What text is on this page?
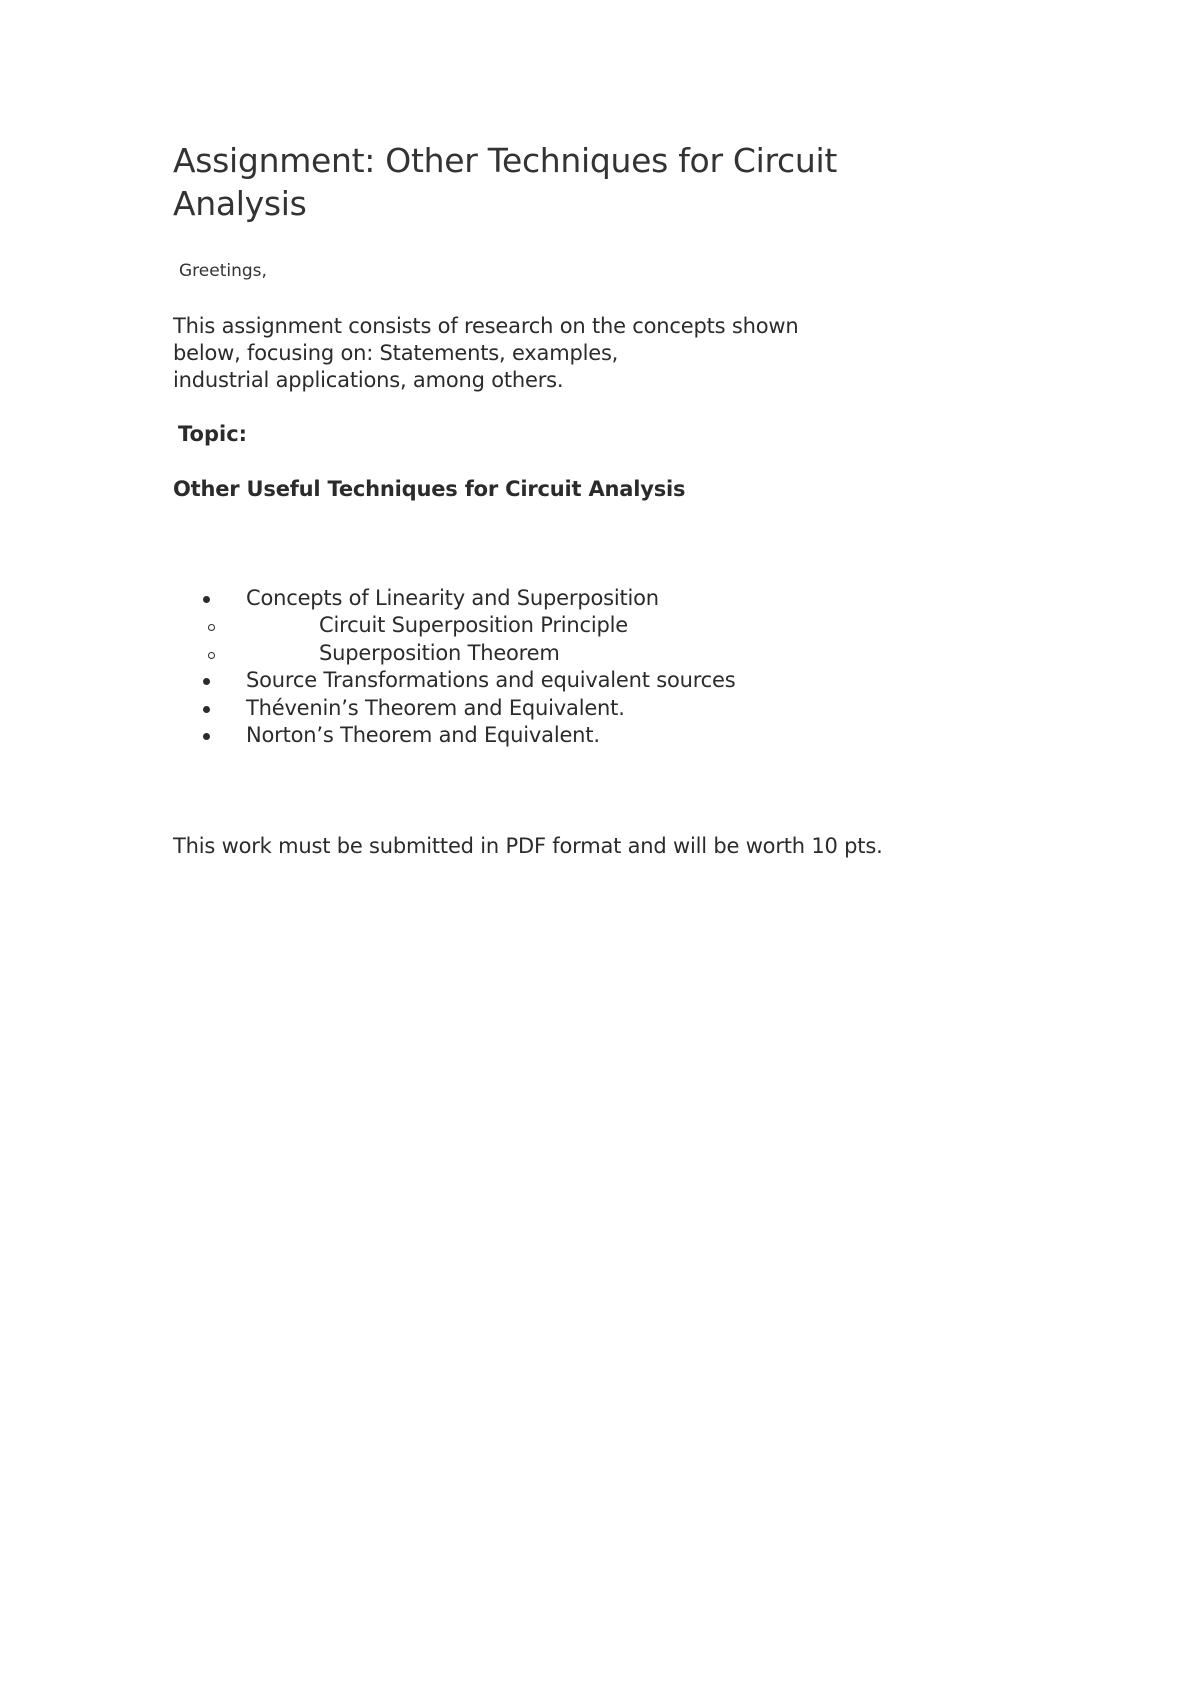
Assignment: Other Techniques for Circuit Analysis
Greetings,
This assignment consists of research on the concepts shown
below, focusing on: Statements, examples,
industrial applications, among others.
Topic:
Other Useful Techniques for Circuit Analysis
Concepts of Linearity and Superposition
Circuit Superposition Principle
Superposition Theorem
Source Transformations and equivalent sources
Thévenin’s Theorem and Equivalent.
Norton’s Theorem and Equivalent.
This work must be submitted in PDF format and will be worth 10 pts.
